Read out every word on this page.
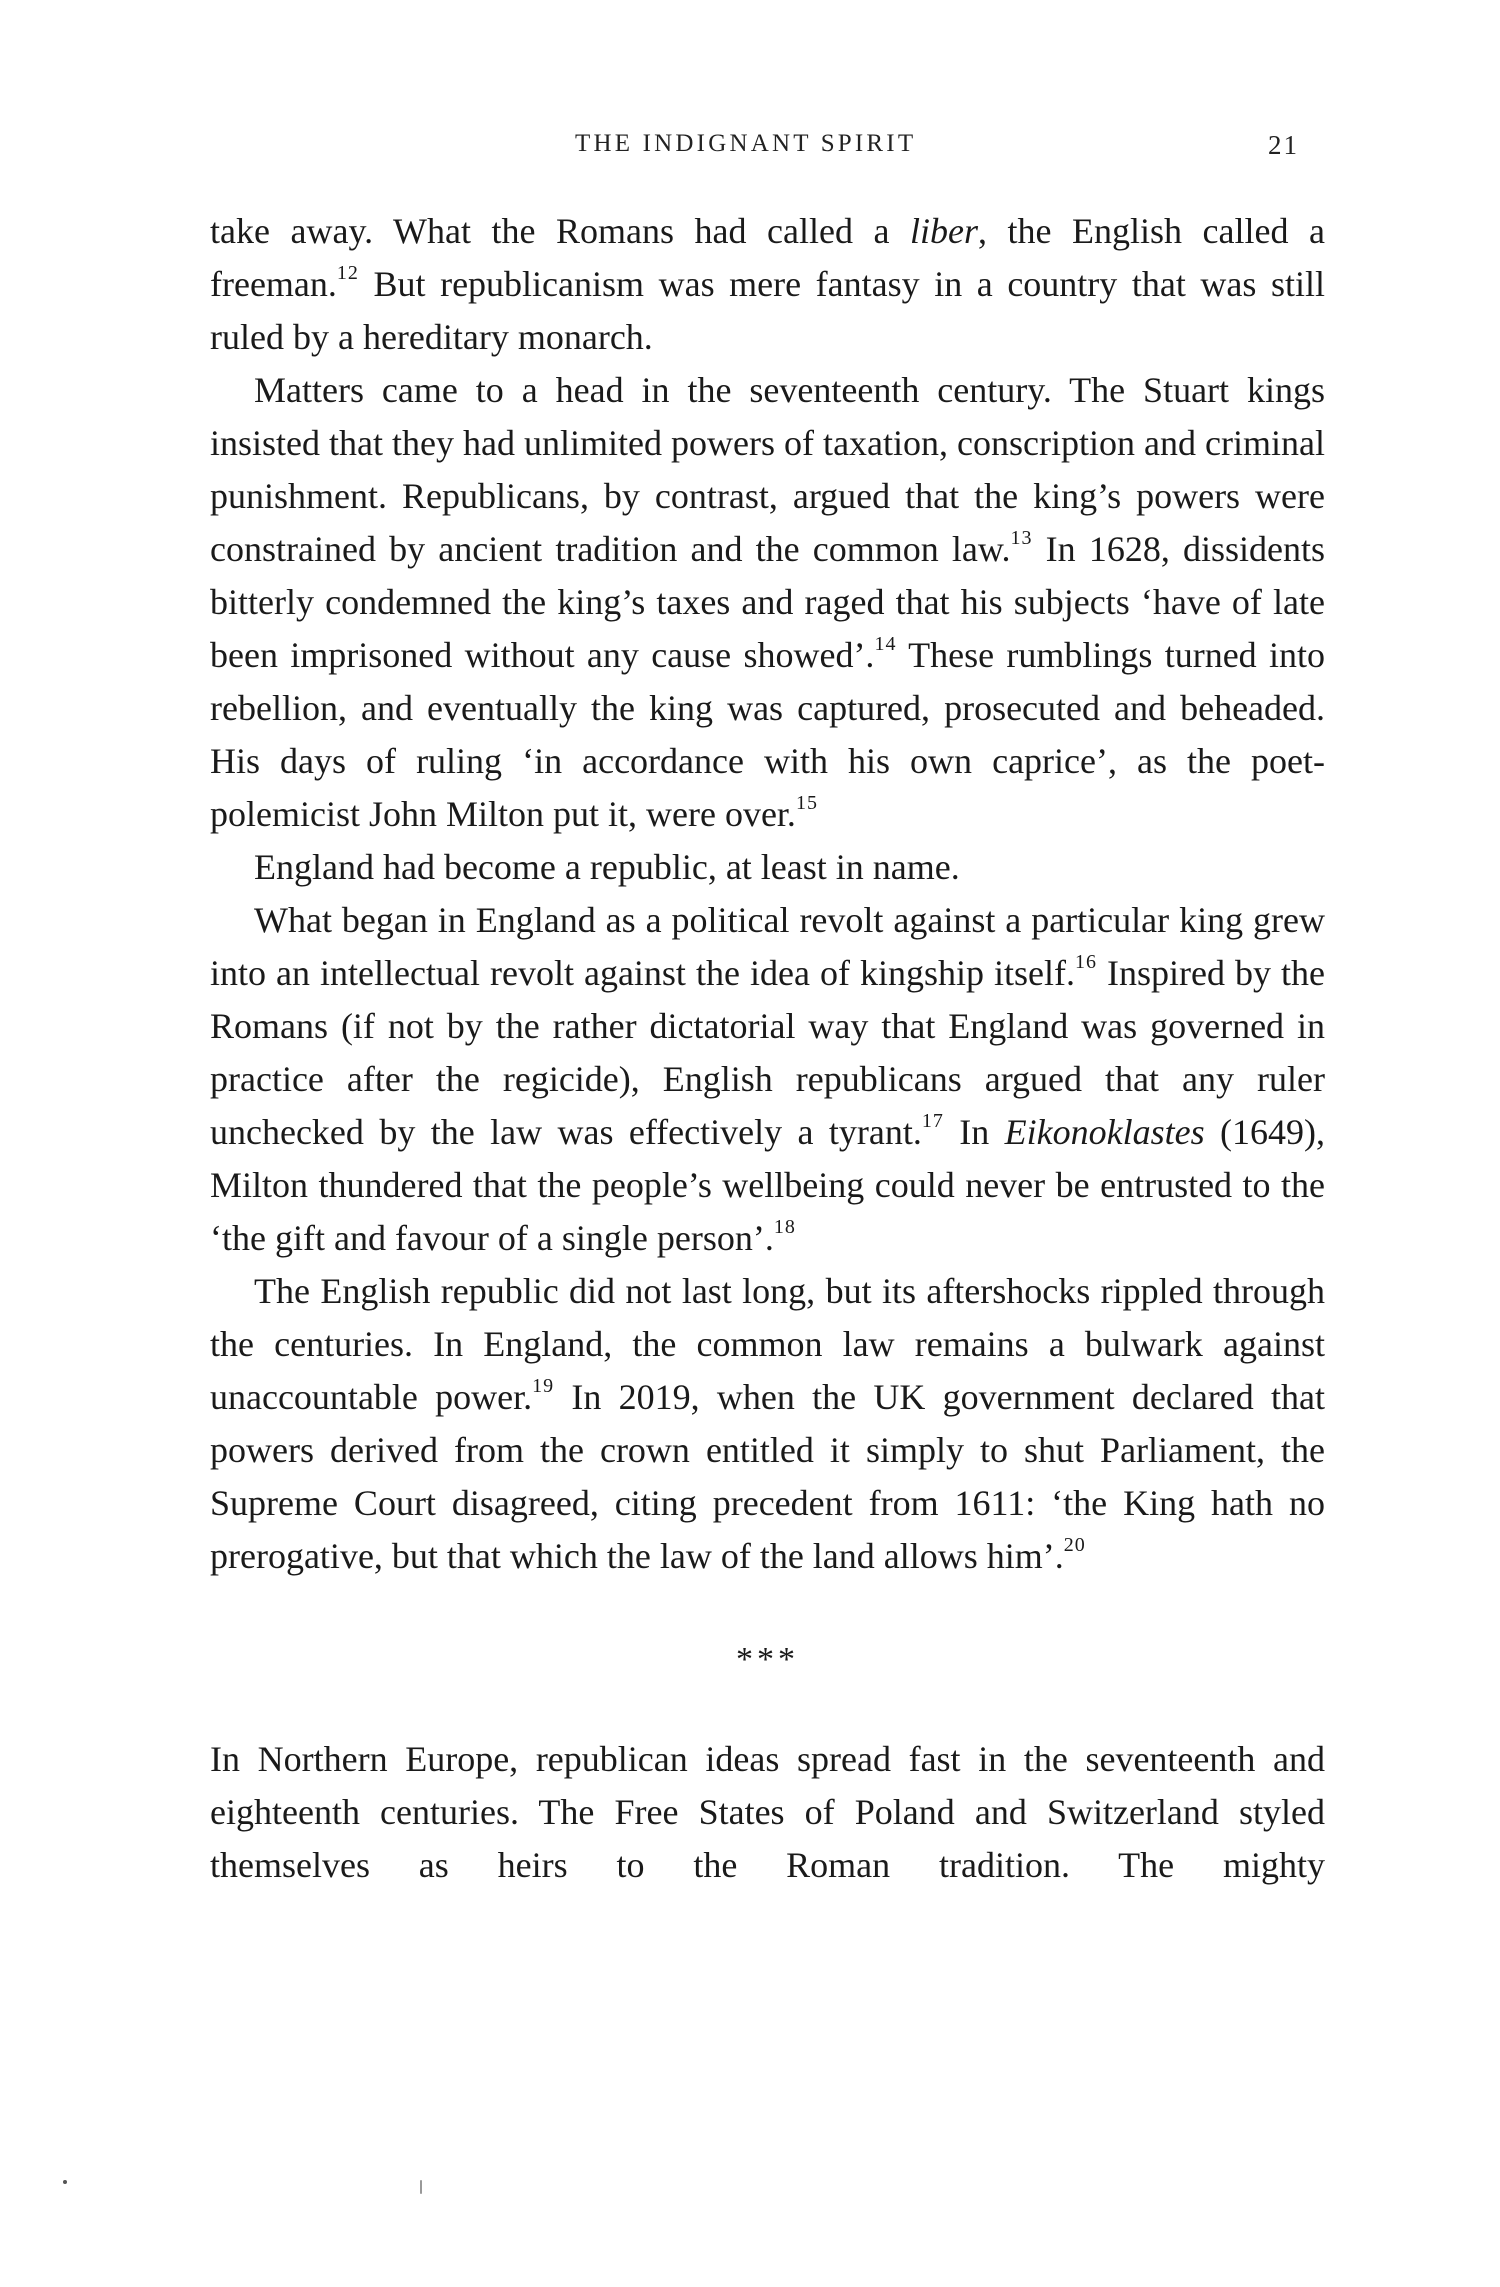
THE INDIGNANT SPIRIT	21

take away. What the Romans had called a liber, the English called a freeman.$^{12}$ But republicanism was mere fantasy in a country that was still ruled by a hereditary monarch.

Matters came to a head in the seventeenth century. The Stuart kings insisted that they had unlimited powers of taxation, conscription and criminal punishment. Republicans, by contrast, argued that the king’s powers were constrained by ancient tradition and the common law.$^{13}$ In 1628, dissidents bitterly condemned the king’s taxes and raged that his subjects ‘have of late been imprisoned without any cause showed’.$^{14}$ These rumblings turned into rebellion, and eventually the king was captured, prosecuted and beheaded. His days of ruling ‘in accordance with his own caprice’, as the poet-polemicist John Milton put it, were over.$^{15}$

England had become a republic, at least in name.

What began in England as a political revolt against a particular king grew into an intellectual revolt against the idea of kingship itself.$^{16}$ Inspired by the Romans (if not by the rather dictatorial way that England was governed in practice after the regicide), English republicans argued that any ruler unchecked by the law was effectively a tyrant.$^{17}$ In Eikonoklastes (1649), Milton thundered that the people’s wellbeing could never be entrusted to the ‘the gift and favour of a single person’.$^{18}$

The English republic did not last long, but its aftershocks rippled through the centuries. In England, the common law remains a bulwark against unaccountable power.$^{19}$ In 2019, when the UK government declared that powers derived from the crown entitled it simply to shut Parliament, the Supreme Court disagreed, citing precedent from 1611: ‘the King hath no prerogative, but that which the law of the land allows him’.$^{20}$

***

In Northern Europe, republican ideas spread fast in the seventeenth and eighteenth centuries. The Free States of Poland and Switzerland styled themselves as heirs to the Roman tradition. The mighty
